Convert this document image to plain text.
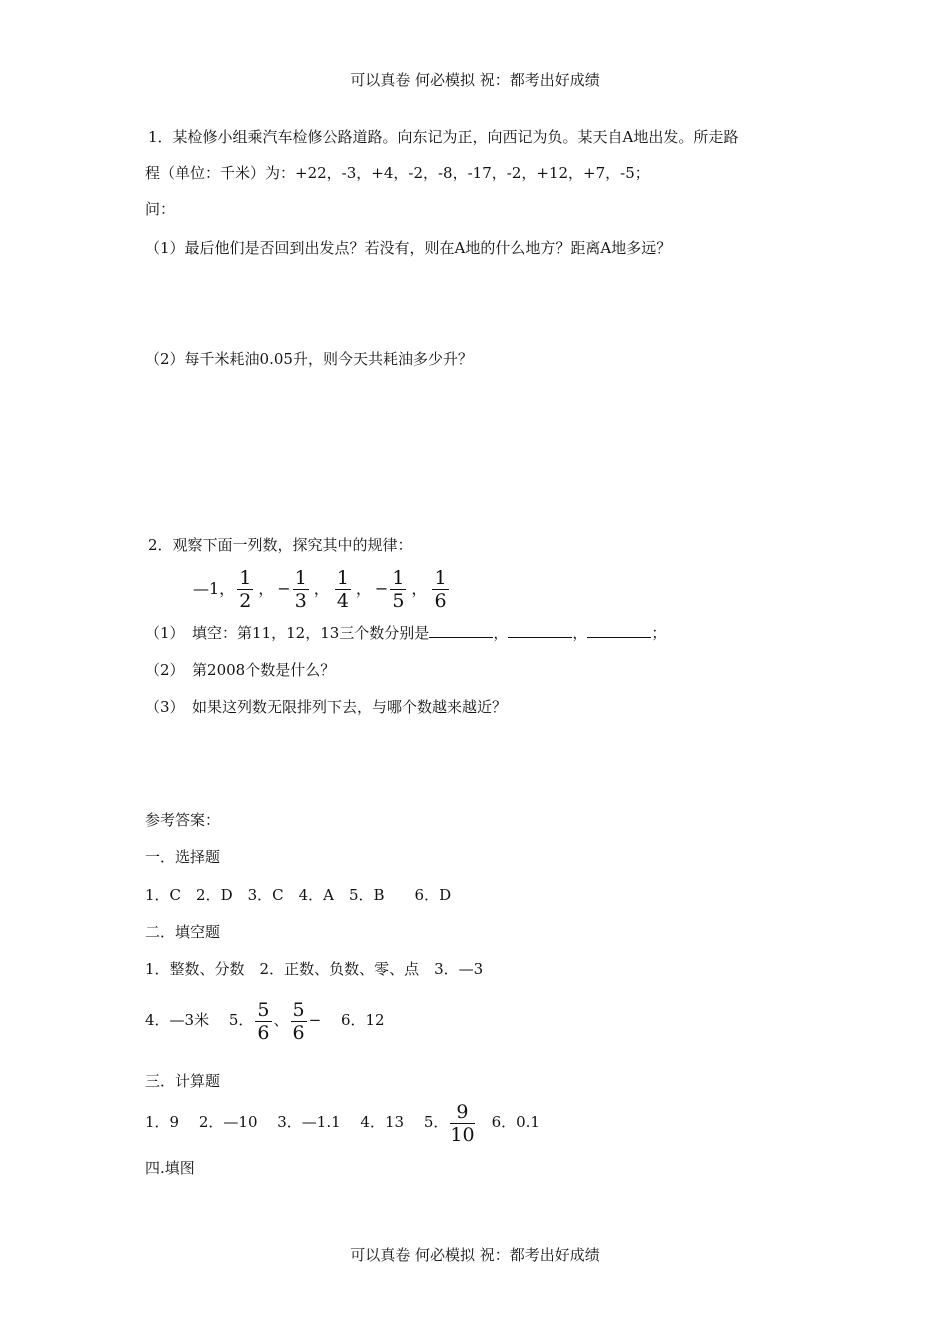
可以真卷 何必模拟 祝：都考出好成绩
1．某检修小组乘汽车检修公路道路。向东记为正，向西记为负。某天自A地出发。所走路
程（单位：千米）为：+22，-3，+4，-2，-8，-17，-2，+12，+7，-5；
问：
（1）最后他们是否回到出发点？若没有，则在A地的什么地方？距离A地多远？
（2）每千米耗油0.05升，则今天共耗油多少升？
2．观察下面一列数，探究其中的规律：
—1， $\frac{1}{2}$ ， − $\frac{1}{3}$ ， $\frac{1}{4}$ ， − $\frac{1}{5}$ ， $\frac{1}{6}$
（1）　填空：第11，12，13三个数分别是	，	，	；
（2）　第2008个数是什么？
（3）　如果这列数无限排列下去，与哪个数越来越近？
参考答案：
一．选择题
1．C　2．D　3．C　4．A　5．B　　6．D
二．填空题
1．整数、分数　2．正数、负数、零、点　3．—3
4．—3米　 5． $\frac{5}{6}$ 、 $\frac{5}{6}$ −　 6．12
三．计算题
1．9　 2．—10　 3．—1.1　 4．13　 5． $\frac{9}{10}$ 　6．0.1
四.填图
可以真卷 何必模拟 祝：都考出好成绩
